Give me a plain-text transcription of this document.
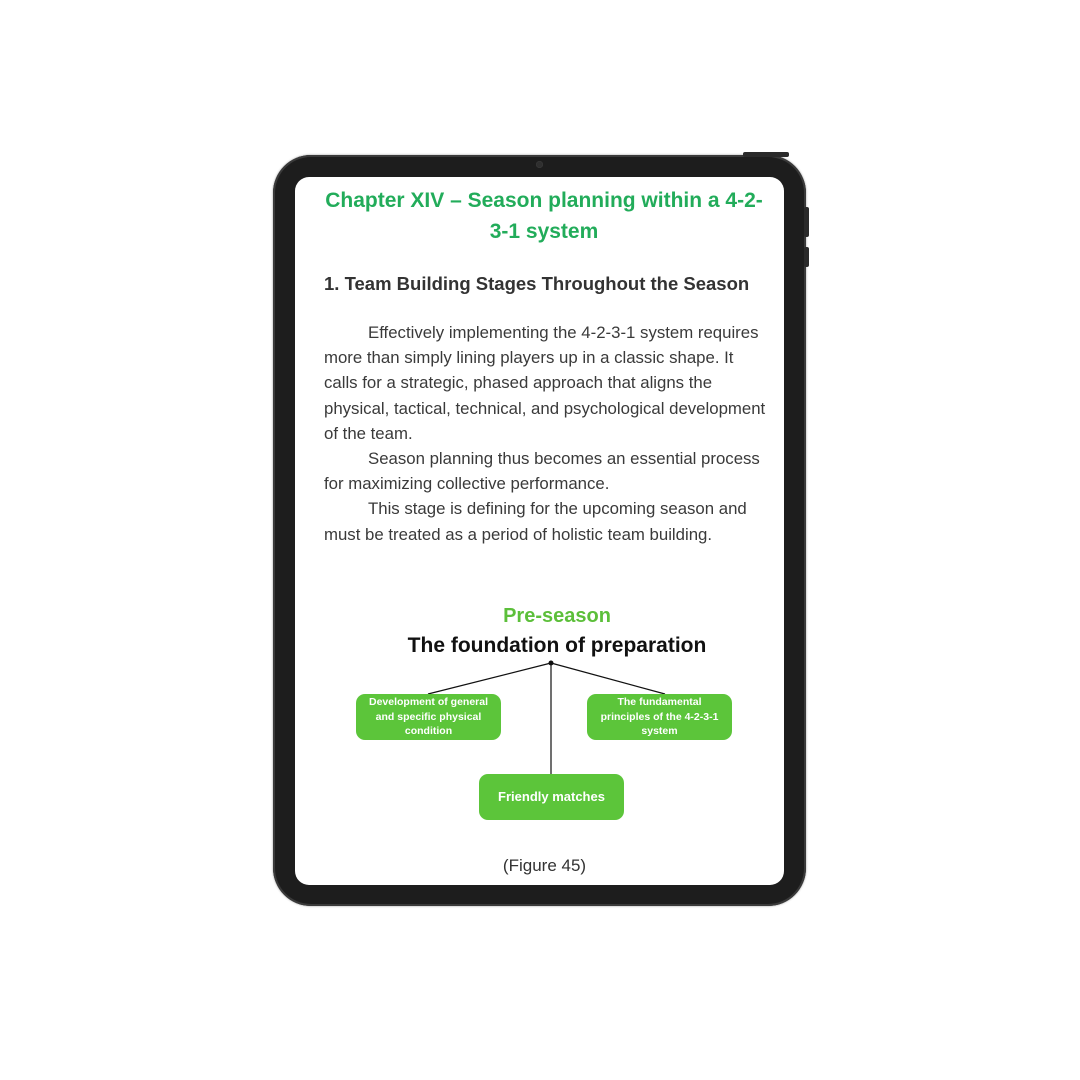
Chapter XIV – Season planning within a 4-2-3-1 system
1. Team Building Stages Throughout the Season

Effectively implementing the 4-2-3-1 system requires more than simply lining players up in a classic shape. It calls for a strategic, phased approach that aligns the physical, tactical, technical, and psychological development of the team.

Season planning thus becomes an essential process for maximizing collective performance.

This stage is defining for the upcoming season and must be treated as a period of holistic team building.

Pre-season
The foundation of preparation
Development of general and specific physical condition
The fundamental principles of the 4-2-3-1 system
Friendly matches
(Figure 45)
